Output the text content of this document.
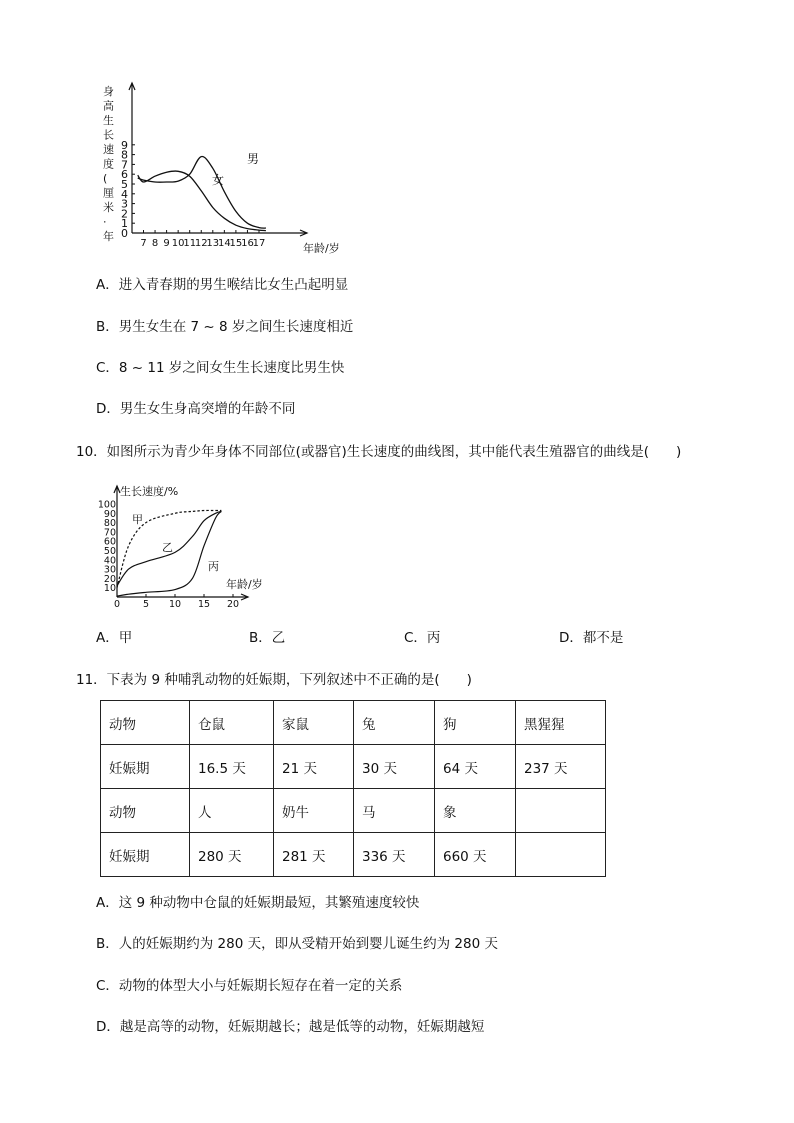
身
高
生
长
速
度
(
厘
米
·
年 0
1
2
3
4
5
6
7
8
9
7 8 9 10
11
12
13
14
15
16
17	年龄/岁
男
女
A．进入青春期的男生喉结比女生凸起明显
B．男生女生在 7 ~ 8 岁之间生长速度相近
C．8 ~ 11 岁之间女生生长速度比男生快
D．男生女生身高突增的年龄不同
10．如图所示为青少年身体不同部位(或器官)生长速度的曲线图，其中能代表生殖器官的曲线是(　　)
100
90
80
70
60
50
40
30
20
10
0 5 10 15 20
生长速度/%
年龄/岁
甲
乙
丙
A．甲	B．乙	C．丙	D．都不是
11．下表为 9 种哺乳动物的妊娠期，下列叙述中不正确的是(　　)
动物	仓鼠	家鼠	兔	狗	黑猩猩
妊娠期	16.5 天	21 天	30 天	64 天	237 天
动物	人	奶牛	马	象	
妊娠期	280 天	281 天	336 天	660 天	
A．这 9 种动物中仓鼠的妊娠期最短，其繁殖速度较快
B．人的妊娠期约为 280 天，即从受精开始到婴儿诞生约为 280 天
C．动物的体型大小与妊娠期长短存在着一定的关系
D．越是高等的动物，妊娠期越长；越是低等的动物，妊娠期越短
